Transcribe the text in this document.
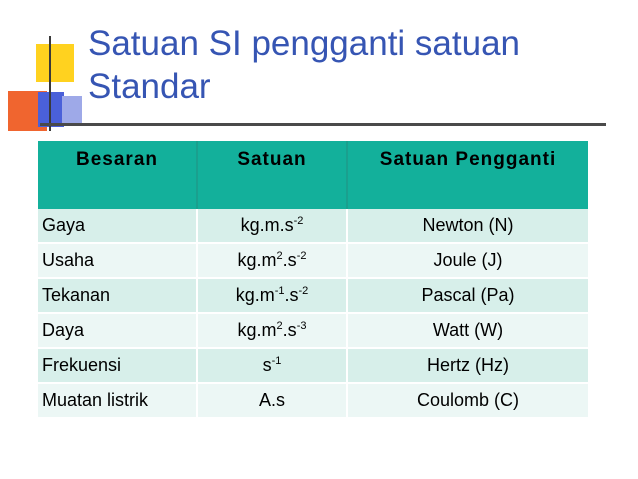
Satuan SI pengganti satuan
Standar
Besaran	Satuan	Satuan Pengganti
Gaya	$kg.m.s^{-2}$	Newton (N)
Usaha	$kg.m^2.s^{-2}$	Joule (J)
Tekanan	$kg.m^{-1}.s^{-2}$	Pascal (Pa)
Daya	$kg.m^2.s^{-3}$	Watt (W)
Frekuensi	$s^{-1}$	Hertz (Hz)
Muatan listrik	A.s	Coulomb (C)
